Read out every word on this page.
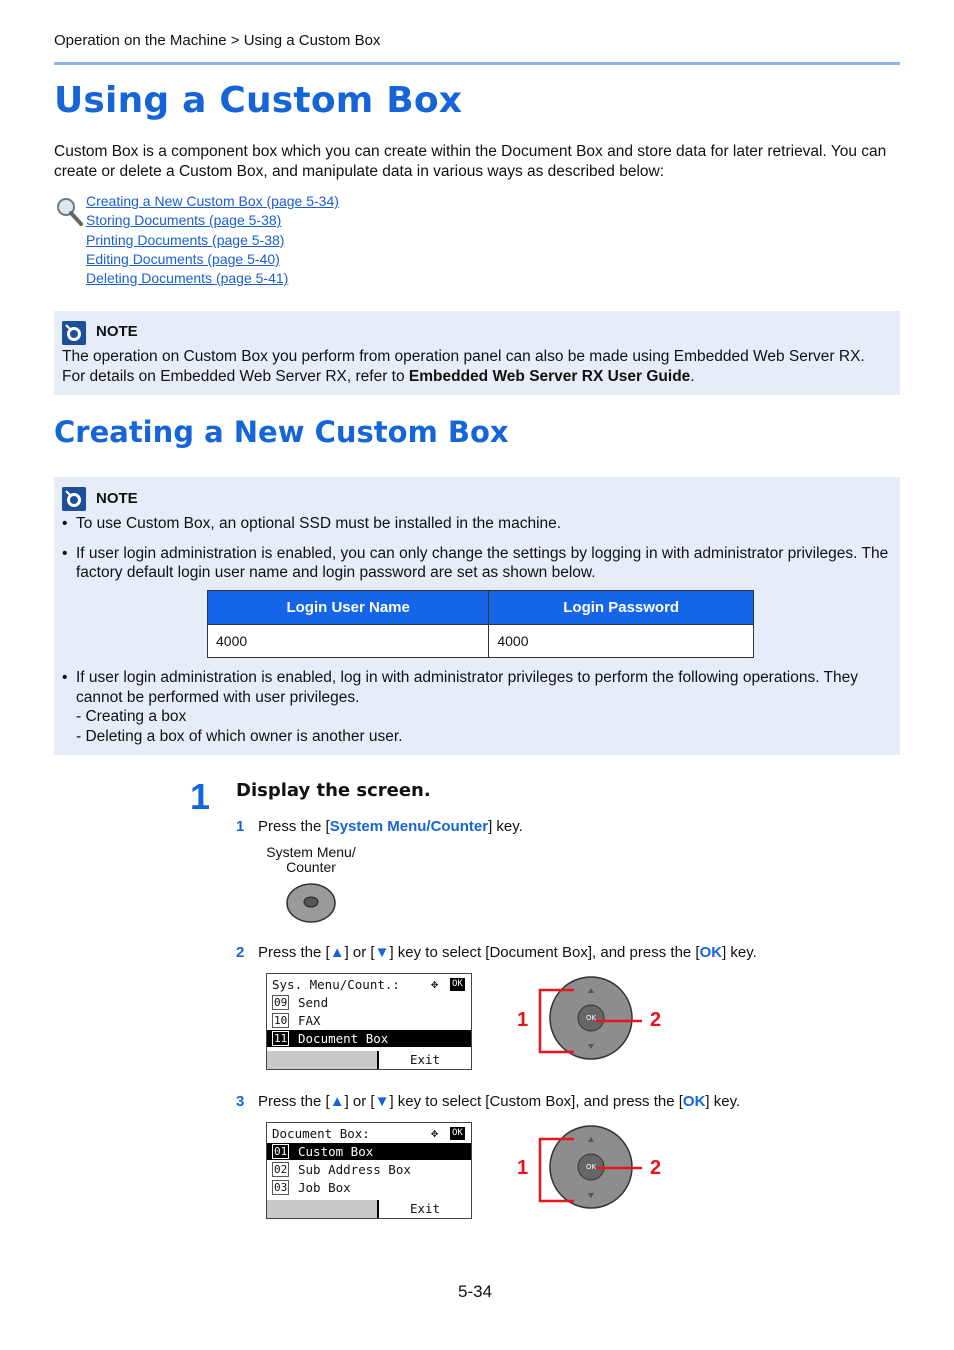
Operation on the Machine > Using a Custom Box
Using a Custom Box
Custom Box is a component box which you can create within the Document Box and store data for later retrieval. You can create or delete a Custom Box, and manipulate data in various ways as described below:
Creating a New Custom Box (page 5-34)
Storing Documents (page 5-38)
Printing Documents (page 5-38)
Editing Documents (page 5-40)
Deleting Documents (page 5-41)
NOTE
The operation on Custom Box you perform from operation panel can also be made using Embedded Web Server RX. For details on Embedded Web Server RX, refer to Embedded Web Server RX User Guide.
Creating a New Custom Box
NOTE
• To use Custom Box, an optional SSD must be installed in the machine.
• If user login administration is enabled, you can only change the settings by logging in with administrator privileges. The factory default login user name and login password are set as shown below.
Login User Name	Login Password
4000	4000
• If user login administration is enabled, log in with administrator privileges to perform the following operations. They cannot be performed with user privileges.
- Creating a box
- Deleting a box of which owner is another user.
1 Display the screen.
1 Press the [System Menu/Counter] key.
System Menu/
Counter
2 Press the [▲] or [▼] key to select [Document Box], and press the [OK] key.
Sys. Menu/Count.:	✥ OK
09 Send
10 FAX
11 Document Box
Exit
OK
1	2
3 Press the [▲] or [▼] key to select [Custom Box], and press the [OK] key.
Document Box:	✥ OK
01 Custom Box
02 Sub Address Box
03 Job Box
Exit
OK
1	2
5-34
